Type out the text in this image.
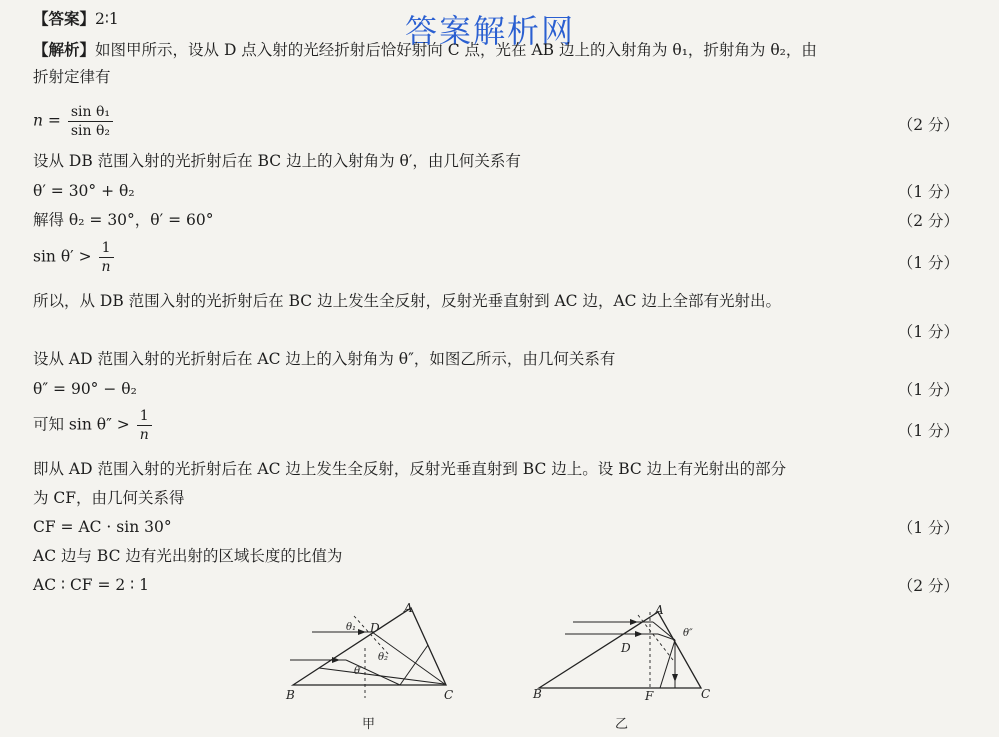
答案解析网
【答案】2∶1
【解析】如图甲所示，设从 D 点入射的光经折射后恰好射向 C 点，光在 AB 边上的入射角为 θ₁，折射角为 θ₂，由
折射定律有
$n = \frac{\text{sin θ₁}}{\text{sin θ₂}}$	（2 分）
设从 DB 范围入射的光折射后在 BC 边上的入射角为 θ′，由几何关系有
θ′ = 30° + θ₂	（1 分）
解得 θ₂ = 30°，θ′ = 60°	（2 分）
$\sin \theta' > \frac{1}{n}$	（1 分）
所以，从 DB 范围入射的光折射后在 BC 边上发生全反射，反射光垂直射到 AC 边，AC 边上全部有光射出。
（1 分）
设从 AD 范围入射的光折射后在 AC 边上的入射角为 θ″，如图乙所示，由几何关系有
θ″ = 90° − θ₂	（1 分）
可知 $\sin \theta'' > \frac{1}{n}$	（1 分）
即从 AD 范围入射的光折射后在 AC 边上发生全反射，反射光垂直射到 BC 边上。设 BC 边上有光射出的部分
为 CF，由几何关系得
CF = AC · sin 30°	（1 分）
AC 边与 BC 边有光出射的区域长度的比值为
AC ∶ CF = 2 ∶ 1	（2 分）
A
B	C
D
θ₁
θ₂
θ′
甲
A
B	C
D
F
θ″
乙
